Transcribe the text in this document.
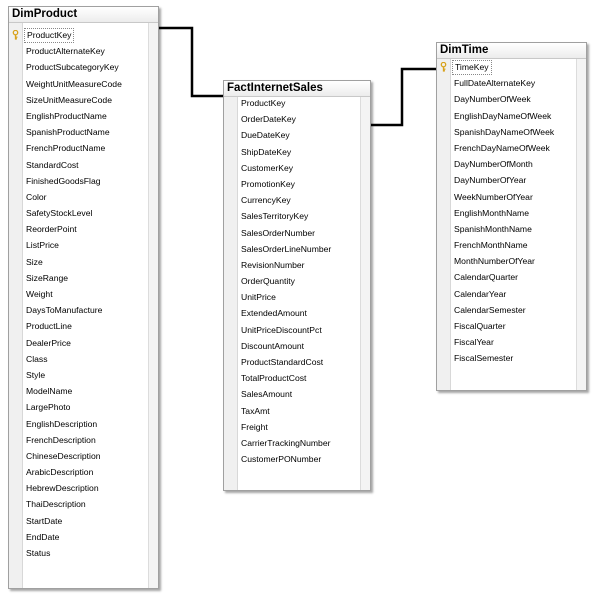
DimProduct
ProductKey
ProductAlternateKey
ProductSubcategoryKey
WeightUnitMeasureCode
SizeUnitMeasureCode
EnglishProductName
SpanishProductName
FrenchProductName
StandardCost
FinishedGoodsFlag
Color
SafetyStockLevel
ReorderPoint
ListPrice
Size
SizeRange
Weight
DaysToManufacture
ProductLine
DealerPrice
Class
Style
ModelName
LargePhoto
EnglishDescription
FrenchDescription
ChineseDescription
ArabicDescription
HebrewDescription
ThaiDescription
StartDate
EndDate
Status
FactInternetSales
ProductKey
OrderDateKey
DueDateKey
ShipDateKey
CustomerKey
PromotionKey
CurrencyKey
SalesTerritoryKey
SalesOrderNumber
SalesOrderLineNumber
RevisionNumber
OrderQuantity
UnitPrice
ExtendedAmount
UnitPriceDiscountPct
DiscountAmount
ProductStandardCost
TotalProductCost
SalesAmount
TaxAmt
Freight
CarrierTrackingNumber
CustomerPONumber
DimTime
TimeKey
FullDateAlternateKey
DayNumberOfWeek
EnglishDayNameOfWeek
SpanishDayNameOfWeek
FrenchDayNameOfWeek
DayNumberOfMonth
DayNumberOfYear
WeekNumberOfYear
EnglishMonthName
SpanishMonthName
FrenchMonthName
MonthNumberOfYear
CalendarQuarter
CalendarYear
CalendarSemester
FiscalQuarter
FiscalYear
FiscalSemester
